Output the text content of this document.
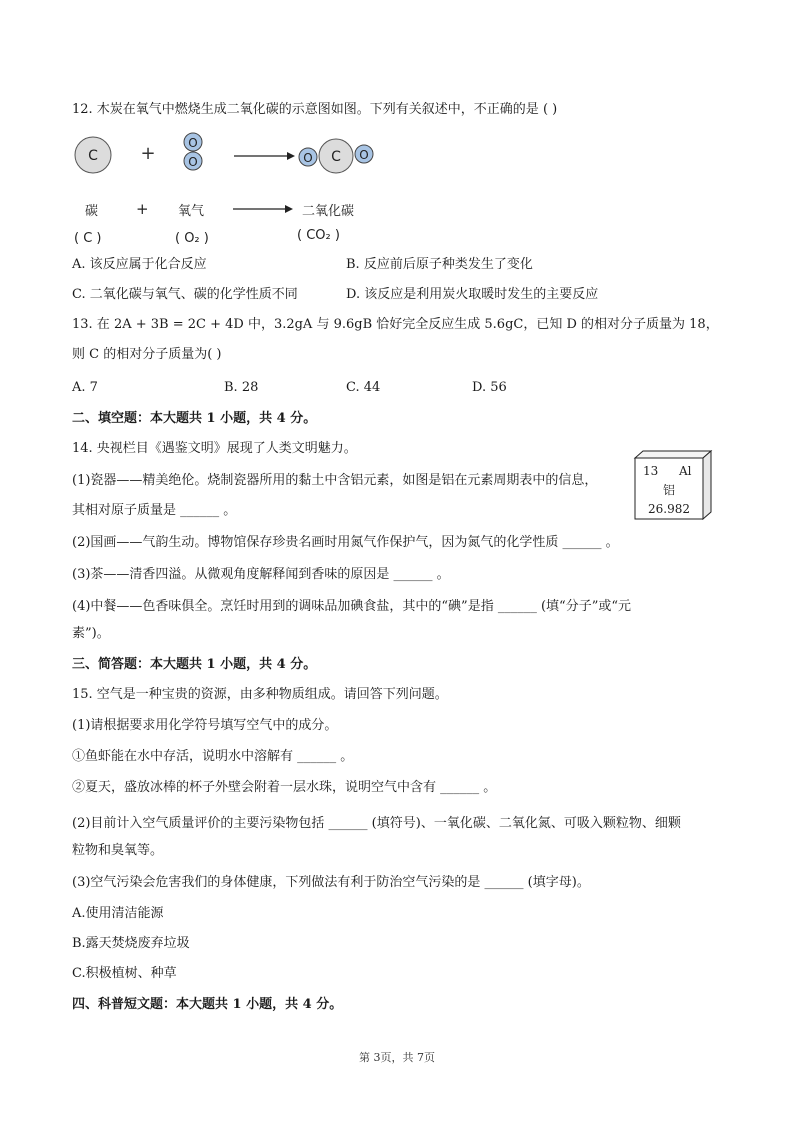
12. 木炭在氧气中燃烧生成二氧化碳的示意图如图。下列有关叙述中，不正确的是 ( )
C +	O
O	O	O
C
碳	+ 氧气	二氧化碳
( C )	( O₂ )	( CO₂ )
A. 该反应属于化合反应	B. 反应前后原子种类发生了变化
C. 二氧化碳与氧气、碳的化学性质不同	D. 该反应是利用炭火取暖时发生的主要反应
13. 在 2A + 3B = 2C + 4D 中，3.2gA 与 9.6gB 恰好完全反应生成 5.6gC，已知 D 的相对分子质量为 18，
则 C 的相对分子质量为( )
A. 7	B. 28	C. 44	D. 56
二、填空题：本大题共 1 小题，共 4 分。
14. 央视栏目《遇鉴文明》展现了人类文明魅力。
(1)瓷器——精美绝伦。烧制瓷器所用的黏土中含铝元素，如图是铝在元素周期表中的信息，
其相对原子质量是 ______ 。
13 Al
铝
26.982
(2)国画——气韵生动。博物馆保存珍贵名画时用氮气作保护气，因为氮气的化学性质 ______ 。
(3)茶——清香四溢。从微观角度解释闻到香味的原因是 ______ 。
(4)中餐——色香味俱全。烹饪时用到的调味品加碘食盐，其中的“碘”是指 ______ (填“分子”或“元
素”)。
三、简答题：本大题共 1 小题，共 4 分。
15. 空气是一种宝贵的资源，由多种物质组成。请回答下列问题。
(1)请根据要求用化学符号填写空气中的成分。
①鱼虾能在水中存活，说明水中溶解有 ______ 。
②夏天，盛放冰棒的杯子外壁会附着一层水珠，说明空气中含有 ______ 。
(2)目前计入空气质量评价的主要污染物包括 ______ (填符号)、一氧化碳、二氧化氮、可吸入颗粒物、细颗
粒物和臭氧等。
(3)空气污染会危害我们的身体健康，下列做法有利于防治空气污染的是 ______ (填字母)。
A.使用清洁能源
B.露天焚烧废弃垃圾
C.积极植树、种草
四、科普短文题：本大题共 1 小题，共 4 分。
第 3页，共 7页
